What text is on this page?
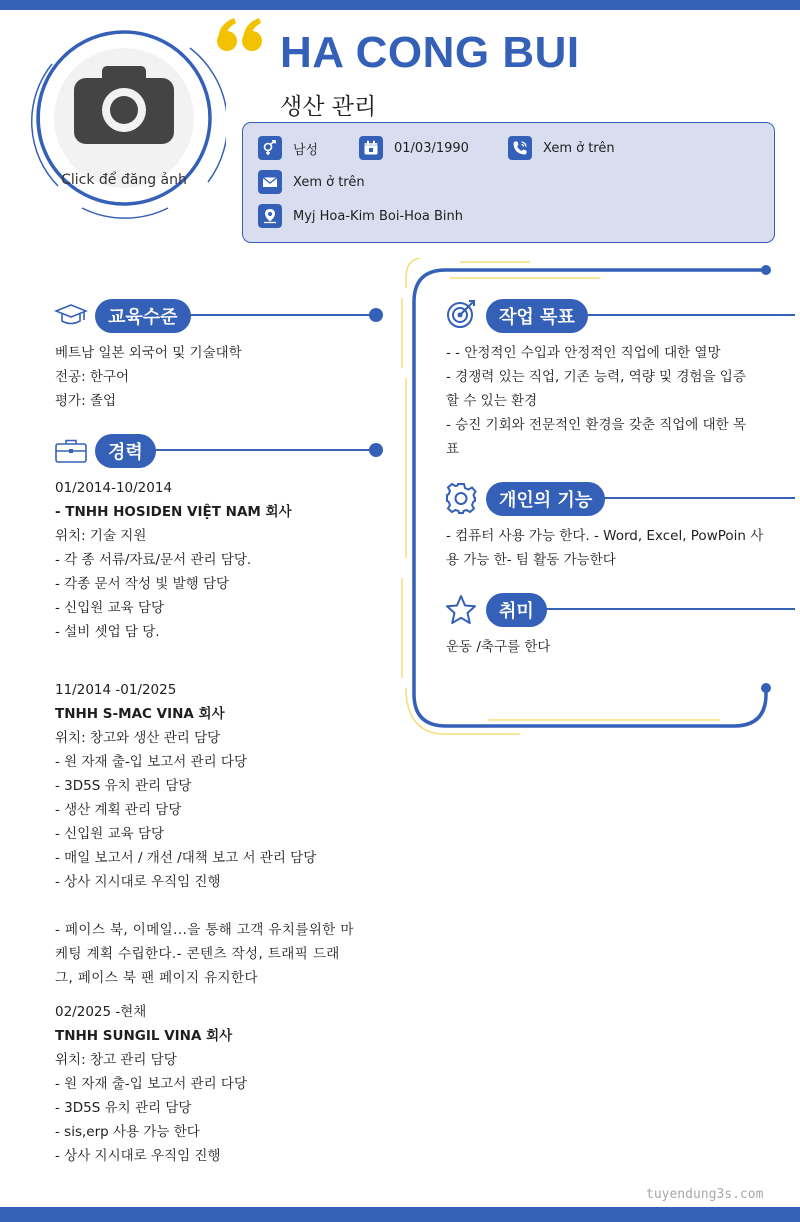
Click để đăng ảnh
HA CONG BUI
생산 관리
남성	01/03/1990	Xem ở trên
Xem ở trên
Myj Hoa-Kim Boi-Hoa Binh
교육수준
베트남 일본 외국어 및 기술대학
전공: 한구어
평가: 졸업
경력
01/2014-10/2014
- TNHH HOSIDEN VIỆT NAM 회사
위치: 기술 지원
- 각 종 서류/자료/문서 관리 담당.
- 각종 문서 작성 빛 발행 담당
- 신입원 교육 담당
- 설비 셋업 담 당.
11/2014 -01/2025
TNHH S-MAC VINA 회사
위치: 창고와 생산 관리 담당
- 원 자재 출-입 보고서 관리 다당
- 3D5S 유치 관리 담당
- 생산 계획 관리 담당
- 신입원 교육 담당
- 매일 보고서 / 개선 /대책 보고 서 관리 담당
- 상사 지시대로 우직임 진행
- 페이스 북, 이메일...을 통해 고객 유치를위한 마
케팅 계획 수립한다.- 콘텐츠 작성, 트래픽 드래
그, 페이스 북 팬 페이지 유지한다
02/2025 -현채
TNHH SUNGIL VINA 회사
위치: 창고 관리 담당
- 원 자재 출-입 보고서 관리 다당
- 3D5S 유치 관리 담당
- sis,erp 사용 가능 한다
- 상사 지시대로 우직임 진행
작업 목표
- - 안정적인 수입과 안정적인 직업에 대한 열망
- 경쟁력 있는 직업, 기존 능력, 역량 및 경험을 입증
할 수 있는 환경
- 승진 기회와 전문적인 환경을 갖춘 직업에 대한 목
표
개인의 기능
- 컴퓨터 사용 가능 한다. - Word, Excel, PowPoin 사
용 가능 한- 팀 활동 가능한다
취미
운동 /축구를 한다
tuyendung3s.com
